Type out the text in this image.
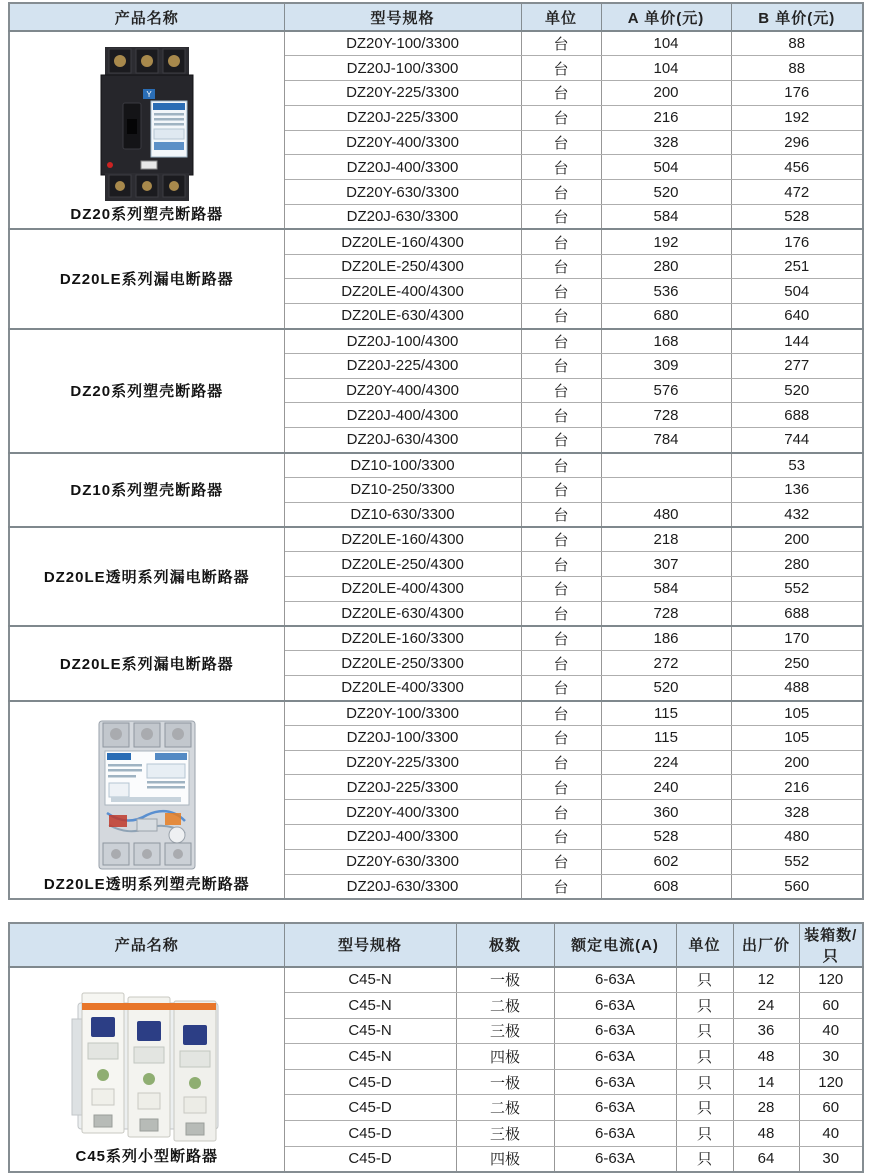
产品名称	型号规格	单位	A 单价(元)	B 单价(元)

Y
DZ20系列塑壳断路器	DZ20Y-100/3300	台	104	88
	DZ20J-100/3300	台	104	88
	DZ20Y-225/3300	台	200	176
	DZ20J-225/3300	台	216	192
	DZ20Y-400/3300	台	328	296
	DZ20J-400/3300	台	504	456
	DZ20Y-630/3300	台	520	472
	DZ20J-630/3300	台	584	528
DZ20LE系列漏电断路器	DZ20LE-160/4300	台	192	176
	DZ20LE-250/4300	台	280	251
	DZ20LE-400/4300	台	536	504
	DZ20LE-630/4300	台	680	640
DZ20系列塑壳断路器	DZ20J-100/4300	台	168	144
	DZ20J-225/4300	台	309	277
	DZ20Y-400/4300	台	576	520
	DZ20J-400/4300	台	728	688
	DZ20J-630/4300	台	784	744
DZ10系列塑壳断路器	DZ10-100/3300	台		53
	DZ10-250/3300	台		136
	DZ10-630/3300	台	480	432
DZ20LE透明系列漏电断路器	DZ20LE-160/4300	台	218	200
	DZ20LE-250/4300	台	307	280
	DZ20LE-400/4300	台	584	552
	DZ20LE-630/4300	台	728	688
DZ20LE系列漏电断路器	DZ20LE-160/3300	台	186	170
	DZ20LE-250/3300	台	272	250
	DZ20LE-400/3300	台	520	488

DZ20LE透明系列塑壳断路器	DZ20Y-100/3300	台	115	105
	DZ20J-100/3300	台	115	105
	DZ20Y-225/3300	台	224	200
	DZ20J-225/3300	台	240	216
	DZ20Y-400/3300	台	360	328
	DZ20J-400/3300	台	528	480
	DZ20Y-630/3300	台	602	552
	DZ20J-630/3300	台	608	560
产品名称	型号规格	极数	额定电流(A)	单位	出厂价	装箱数/只

C45系列小型断路器	C45-N	一极	6-63A	只	12	120
	C45-N	二极	6-63A	只	24	60
	C45-N	三极	6-63A	只	36	40
	C45-N	四极	6-63A	只	48	30
	C45-D	一极	6-63A	只	14	120
	C45-D	二极	6-63A	只	28	60
	C45-D	三极	6-63A	只	48	40
	C45-D	四极	6-63A	只	64	30
